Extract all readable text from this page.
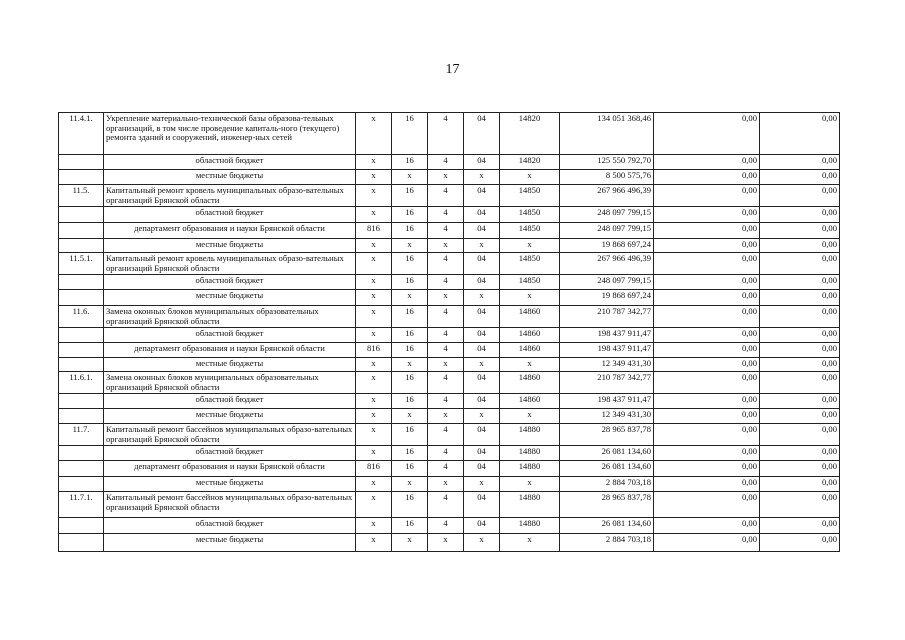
17
11.4.1.	Укрепление материально-технической базы образова-тельных организаций, в том числе проведение капиталь-ного (текущего) ремонта зданий и сооружений, инженер-ных сетей	х	16	4	04	14820	134 051 368,46	0,00	0,00
	областной бюджет	х	16	4	04	14820	125 550 792,70	0,00	0,00
	местные бюджеты	х	х	х	х	х	8 500 575,76	0,00	0,00
11.5.	Капитальный ремонт кровель муниципальных образо-вательных организаций Брянской области	х	16	4	04	14850	267 966 496,39	0,00	0,00
	областной бюджет	х	16	4	04	14850	248 097 799,15	0,00	0,00
	департамент образования и науки Брянской области	816	16	4	04	14850	248 097 799,15	0,00	0,00
	местные бюджеты	х	х	х	х	х	19 868 697,24	0,00	0,00
11.5.1.	Капитальный ремонт кровель муниципальных образо-вательных организаций Брянской области	х	16	4	04	14850	267 966 496,39	0,00	0,00
	областной бюджет	х	16	4	04	14850	248 097 799,15	0,00	0,00
	местные бюджеты	х	х	х	х	х	19 868 697,24	0,00	0,00
11.6.	Замена оконных блоков муниципальных образовательных организаций Брянской области	х	16	4	04	14860	210 787 342,77	0,00	0,00
	областной бюджет	х	16	4	04	14860	198 437 911,47	0,00	0,00
	департамент образования и науки Брянской области	816	16	4	04	14860	198 437 911,47	0,00	0,00
	местные бюджеты	х	х	х	х	х	12 349 431,30	0,00	0,00
11.6.1.	Замена оконных блоков муниципальных образовательных организаций Брянской области	х	16	4	04	14860	210 787 342,77	0,00	0,00
	областной бюджет	х	16	4	04	14860	198 437 911,47	0,00	0,00
	местные бюджеты	х	х	х	х	х	12 349 431,30	0,00	0,00
11.7.	Капитальный ремонт бассейнов муниципальных образо-вательных организаций Брянской области	х	16	4	04	14880	28 965 837,78	0,00	0,00
	областной бюджет	х	16	4	04	14880	26 081 134,60	0,00	0,00
	департамент образования и науки Брянской области	816	16	4	04	14880	26 081 134,60	0,00	0,00
	местные бюджеты	х	х	х	х	х	2 884 703,18	0,00	0,00
11.7.1.	Капитальный ремонт бассейнов муниципальных образо-вательных организаций Брянской области	х	16	4	04	14880	28 965 837,78	0,00	0,00
	областной бюджет	х	16	4	04	14880	26 081 134,60	0,00	0,00
	местные бюджеты	х	х	х	х	х	2 884 703,18	0,00	0,00
